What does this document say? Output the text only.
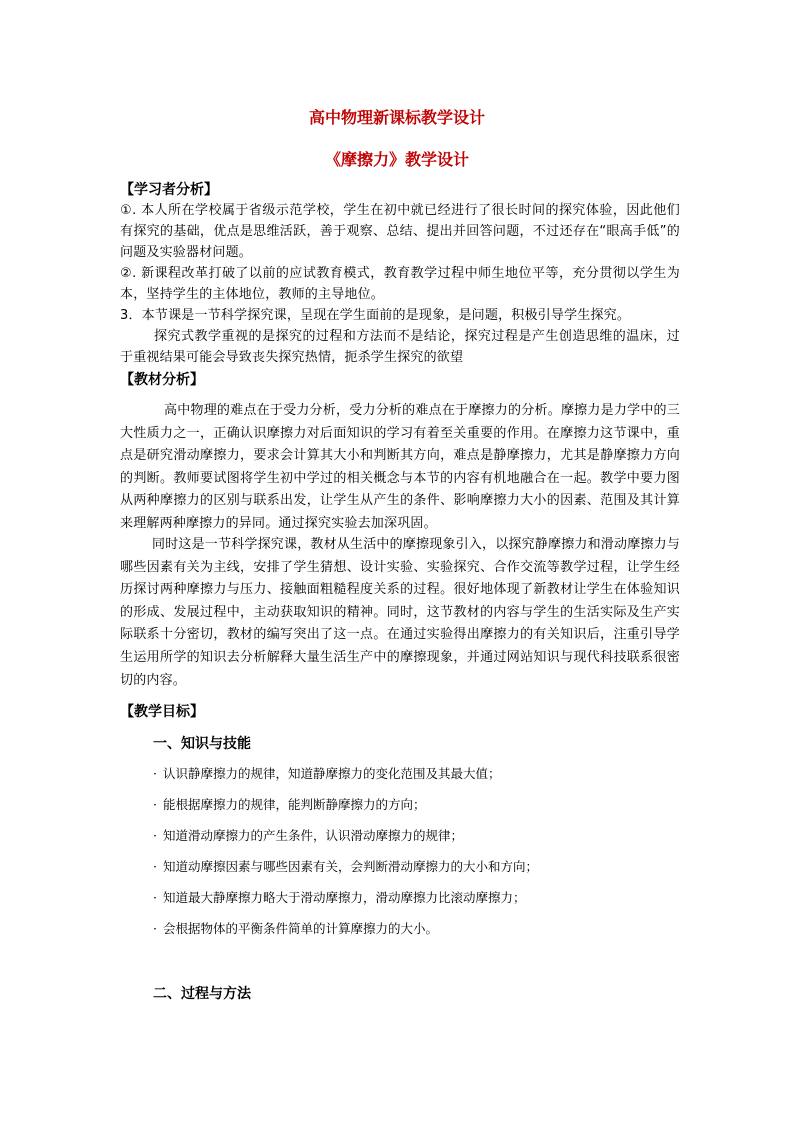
高中物理新课标教学设计
《摩擦力》教学设计
【学习者分析】
①. 本人所在学校属于省级示范学校，学生在初中就已经进行了很长时间的探究体验，因此他们有探究的基础，优点是思维活跃，善于观察、总结、提出并回答问题，不过还存在“眼高手低”的问题及实验器材问题。
②. 新课程改革打破了以前的应试教育模式，教育教学过程中师生地位平等，充分贯彻以学生为本，坚持学生的主体地位，教师的主导地位。
3．本节课是一节科学探究课，呈现在学生面前的是现象，是问题，积极引导学生探究。
探究式教学重视的是探究的过程和方法而不是结论，探究过程是产生创造思维的温床，过于重视结果可能会导致丧失探究热情，扼杀学生探究的欲望
【教材分析】
高中物理的难点在于受力分析，受力分析的难点在于摩擦力的分析。摩擦力是力学中的三大性质力之一，正确认识摩擦力对后面知识的学习有着至关重要的作用。在摩擦力这节课中，重点是研究滑动摩擦力，要求会计算其大小和判断其方向，难点是静摩擦力，尤其是静摩擦力方向的判断。教师要试图将学生初中学过的相关概念与本节的内容有机地融合在一起。教学中要力图从两种摩擦力的区别与联系出发，让学生从产生的条件、影响摩擦力大小的因素、范围及其计算来理解两种摩擦力的异同。通过探究实验去加深巩固。
同时这是一节科学探究课，教材从生活中的摩擦现象引入，以探究静摩擦力和滑动摩擦力与哪些因素有关为主线，安排了学生猜想、设计实验、实验探究、合作交流等教学过程，让学生经历探讨两种摩擦力与压力、接触面粗糙程度关系的过程。很好地体现了新教材让学生在体验知识的形成、发展过程中，主动获取知识的精神。同时，这节教材的内容与学生的生活实际及生产实际联系十分密切，教材的编写突出了这一点。在通过实验得出摩擦力的有关知识后，注重引导学生运用所学的知识去分析解释大量生活生产中的摩擦现象，并通过网站知识与现代科技联系很密切的内容。
【教学目标】
一、知识与技能
· 认识静摩擦力的规律，知道静摩擦力的变化范围及其最大值；
· 能根据摩擦力的规律，能判断静摩擦力的方向；
· 知道滑动摩擦力的产生条件，认识滑动摩擦力的规律；
· 知道动摩擦因素与哪些因素有关，会判断滑动摩擦力的大小和方向；
· 知道最大静摩擦力略大于滑动摩擦力，滑动摩擦力比滚动摩擦力；
· 会根据物体的平衡条件简单的计算摩擦力的大小。
二、过程与方法
